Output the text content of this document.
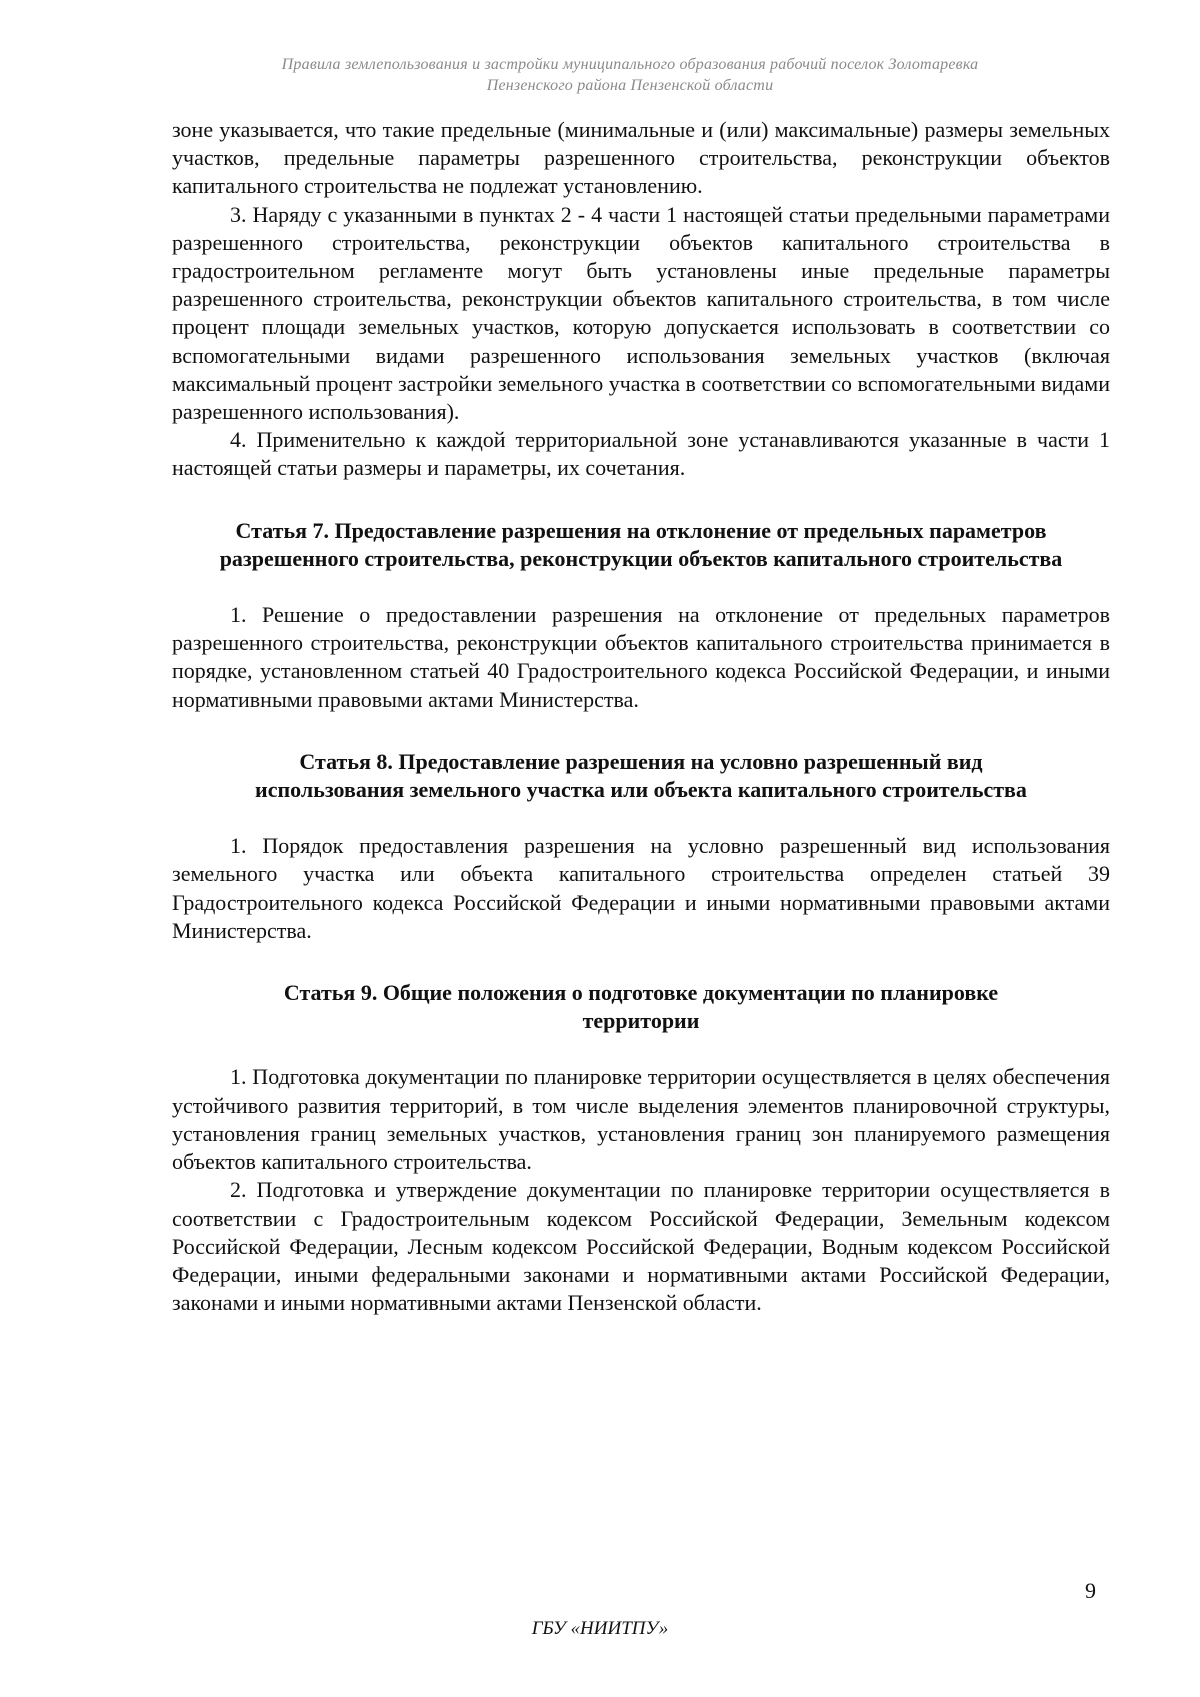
Правила землепользования и застройки муниципального образования рабочий поселок Золотаревка
Пензенского района Пензенской области

зоне указывается, что такие предельные (минимальные и (или) максимальные) размеры земельных участков, предельные параметры разрешенного строительства, реконструкции объектов капитального строительства не подлежат установлению.

3. Наряду с указанными в пунктах 2 - 4 части 1 настоящей статьи предельными параметрами разрешенного строительства, реконструкции объектов капитального строительства в градостроительном регламенте могут быть установлены иные предельные параметры разрешенного строительства, реконструкции объектов капитального строительства, в том числе процент площади земельных участков, которую допускается использовать в соответствии со вспомогательными видами разрешенного использования земельных участков (включая максимальный процент застройки земельного участка в соответствии со вспомогательными видами разрешенного использования).

4. Применительно к каждой территориальной зоне устанавливаются указанные в части 1 настоящей статьи размеры и параметры, их сочетания.

Статья 7. Предоставление разрешения на отклонение от предельных параметров

разрешенного строительства, реконструкции объектов капитального строительства

1. Решение о предоставлении разрешения на отклонение от предельных параметров разрешенного строительства, реконструкции объектов капитального строительства принимается в порядке, установленном статьей 40 Градостроительного кодекса Российской Федерации, и иными нормативными правовыми актами Министерства.

Статья 8. Предоставление разрешения на условно разрешенный вид

использования земельного участка или объекта капитального строительства

1. Порядок предоставления разрешения на условно разрешенный вид использования земельного участка или объекта капитального строительства определен статьей 39 Градостроительного кодекса Российской Федерации и иными нормативными правовыми актами Министерства.

Статья 9. Общие положения о подготовке документации по планировке

территории

1. Подготовка документации по планировке территории осуществляется в целях обеспечения устойчивого развития территорий, в том числе выделения элементов планировочной структуры, установления границ земельных участков, установления границ зон планируемого размещения объектов капитального строительства.

2. Подготовка и утверждение документации по планировке территории осуществляется в соответствии с Градостроительным кодексом Российской Федерации, Земельным кодексом Российской Федерации, Лесным кодексом Российской Федерации, Водным кодексом Российской Федерации, иными федеральными законами и нормативными актами Российской Федерации, законами и иными нормативными актами Пензенской области.

9
ГБУ «НИИТПУ»
